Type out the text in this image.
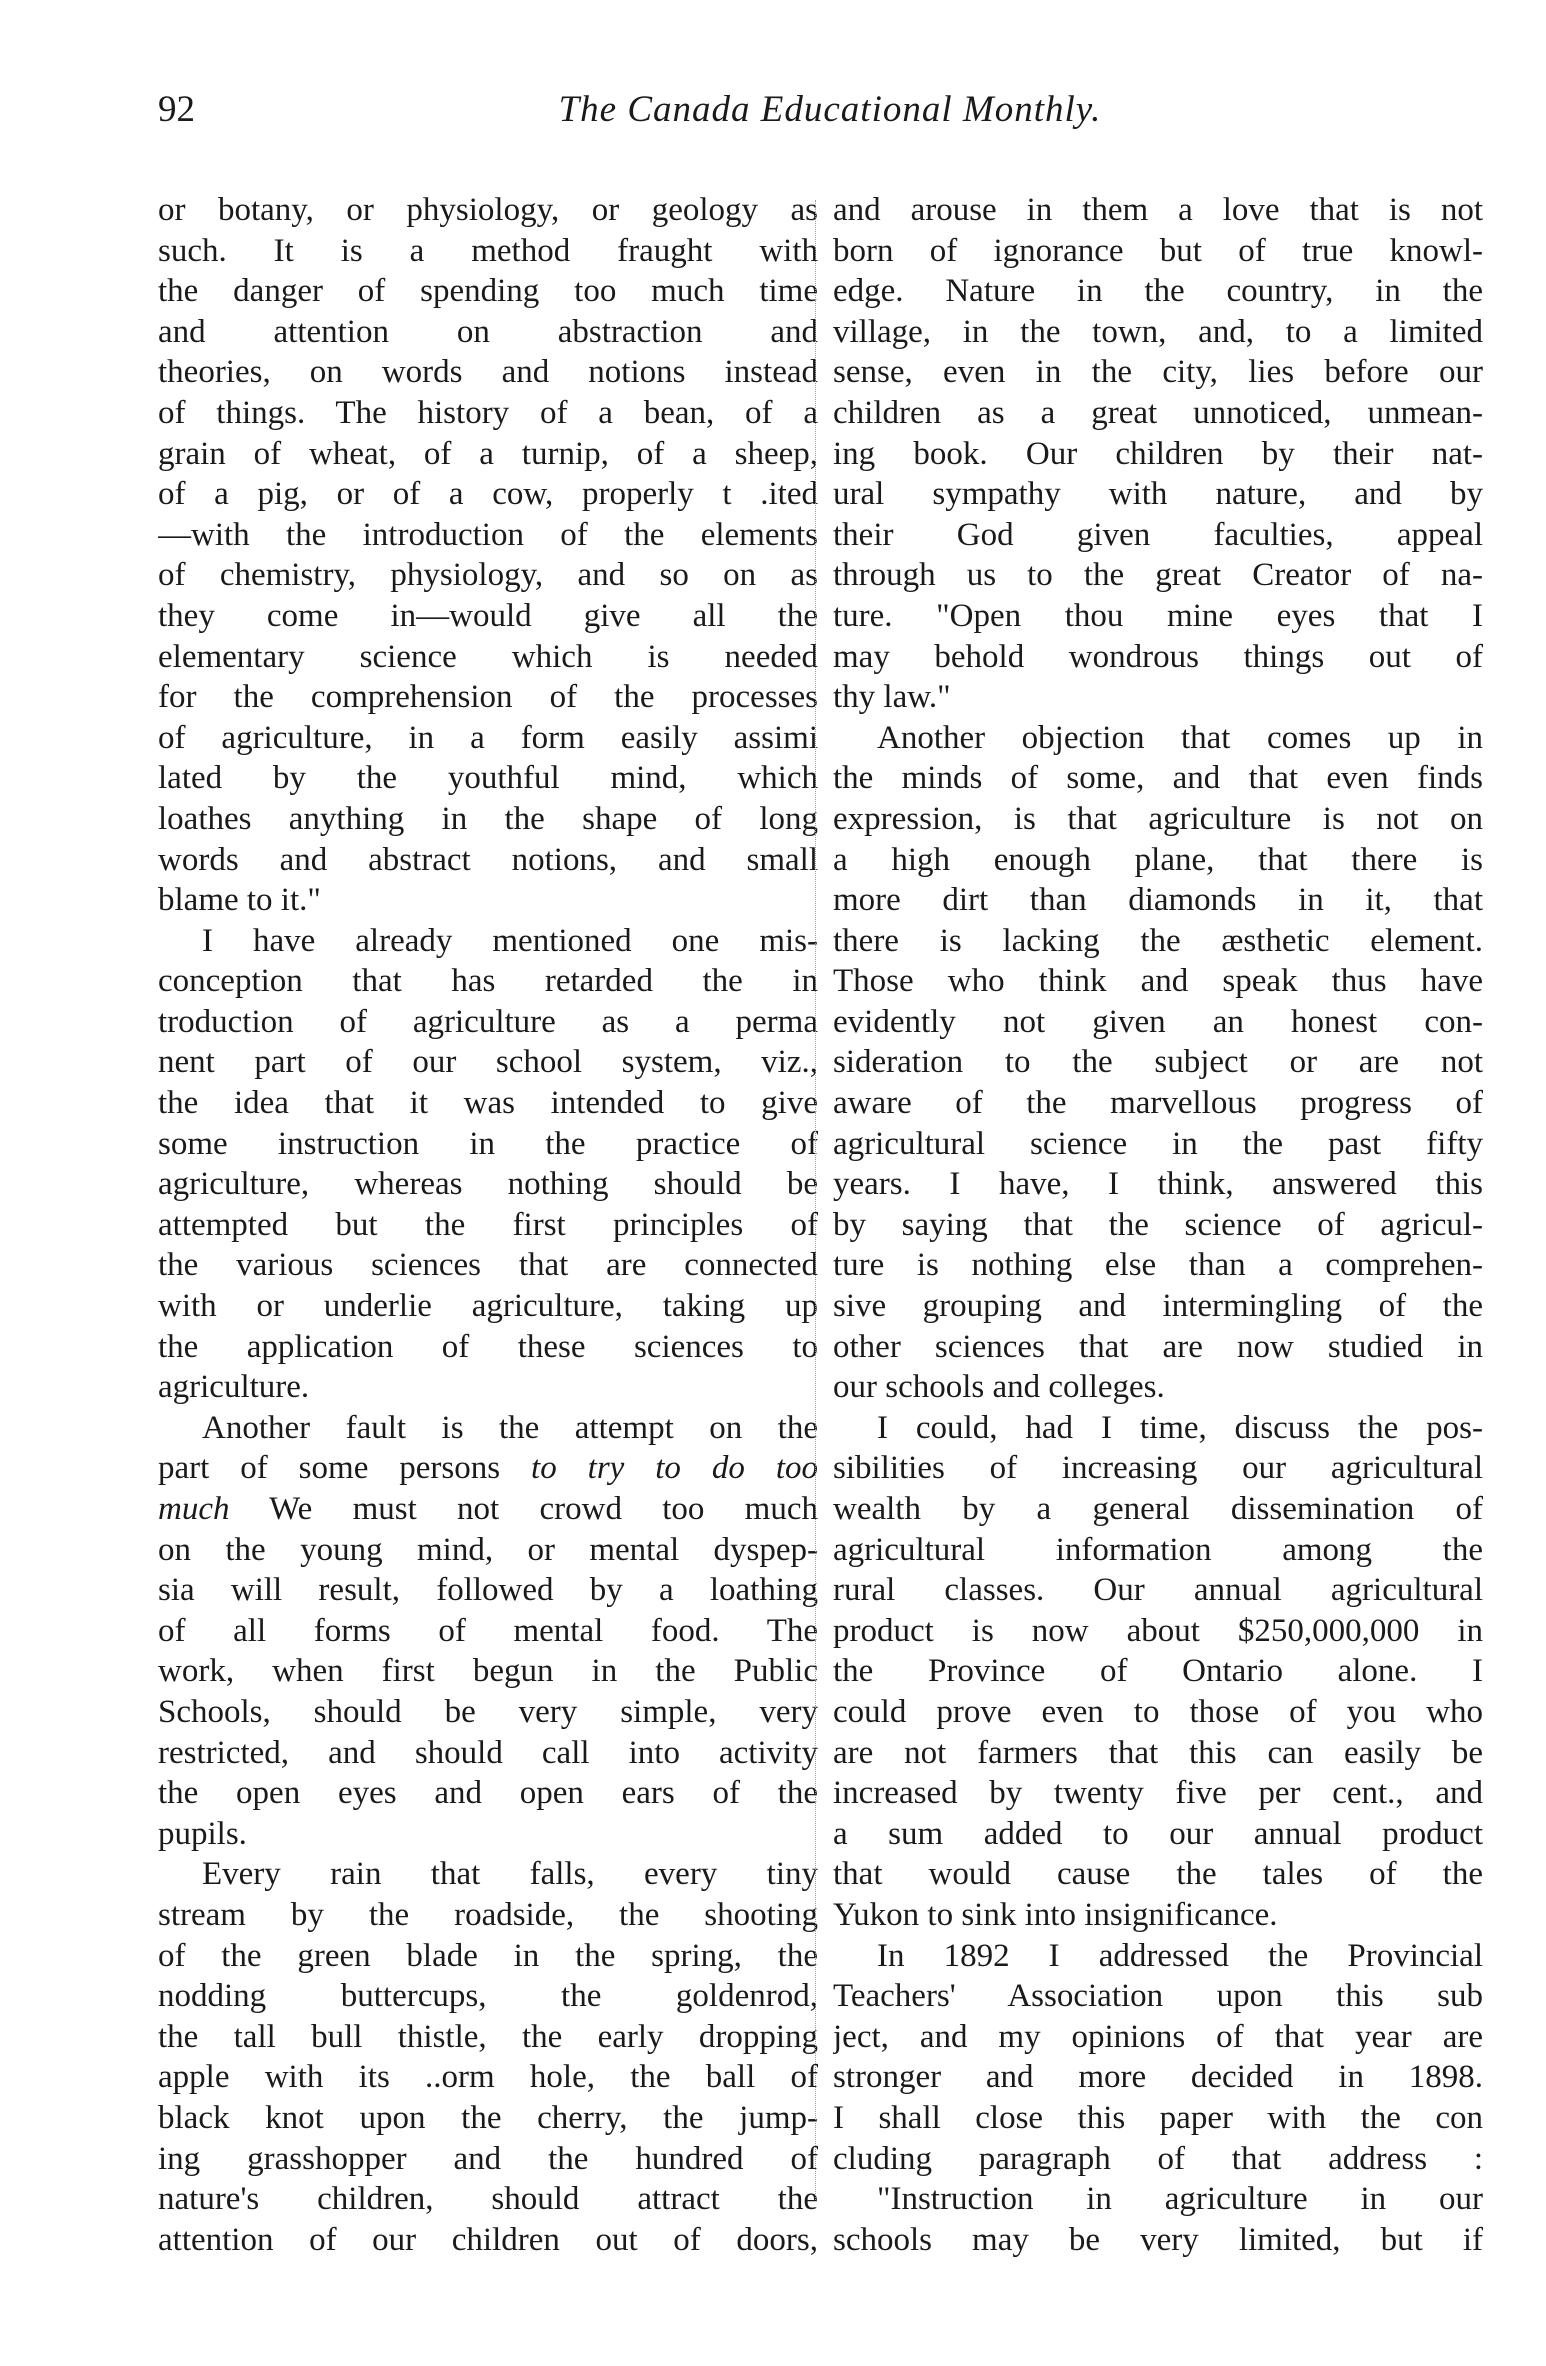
92	The Canada Educational Monthly.
or botany, or physiology, or geology as
such. It is a method fraught with
the danger of spending too much time
and attention on abstraction and
theories, on words and notions instead
of things. The history of a bean, of a
grain of wheat, of a turnip, of a sheep,
of a pig, or of a cow, properly t .ited
—with the introduction of the elements
of chemistry, physiology, and so on as
they come in—would give all the
elementary science which is needed
for the comprehension of the processes
of agriculture, in a form easily assimi
lated by the youthful mind, which
loathes anything in the shape of long
words and abstract notions, and small
blame to it."
I have already mentioned one mis-
conception that has retarded the in
troduction of agriculture as a perma
nent part of our school system, viz.,
the idea that it was intended to give
some instruction in the practice of
agriculture, whereas nothing should be
attempted but the first principles of
the various sciences that are connected
with or underlie agriculture, taking up
the application of these sciences to
agriculture.
Another fault is the attempt on the
part of some persons to try to do too
much We must not crowd too much
on the young mind, or mental dyspep-
sia will result, followed by a loathing
of all forms of mental food. The
work, when first begun in the Public
Schools, should be very simple, very
restricted, and should call into activity
the open eyes and open ears of the
pupils.
Every rain that falls, every tiny
stream by the roadside, the shooting
of the green blade in the spring, the
nodding buttercups, the goldenrod,
the tall bull thistle, the early dropping
apple with its ..orm hole, the ball of
black knot upon the cherry, the jump-
ing grasshopper and the hundred of
nature's children, should attract the
attention of our children out of doors,
and arouse in them a love that is not
born of ignorance but of true knowl-
edge. Nature in the country, in the
village, in the town, and, to a limited
sense, even in the city, lies before our
children as a great unnoticed, unmean-
ing book. Our children by their nat-
ural sympathy with nature, and by
their God given faculties, appeal
through us to the great Creator of na-
ture. "Open thou mine eyes that I
may behold wondrous things out of
thy law."
Another objection that comes up in
the minds of some, and that even finds
expression, is that agriculture is not on
a high enough plane, that there is
more dirt than diamonds in it, that
there is lacking the æsthetic element.
Those who think and speak thus have
evidently not given an honest con-
sideration to the subject or are not
aware of the marvellous progress of
agricultural science in the past fifty
years. I have, I think, answered this
by saying that the science of agricul-
ture is nothing else than a comprehen-
sive grouping and intermingling of the
other sciences that are now studied in
our schools and colleges.
I could, had I time, discuss the pos-
sibilities of increasing our agricultural
wealth by a general dissemination of
agricultural information among the
rural classes. Our annual agricultural
product is now about $250,000,000 in
the Province of Ontario alone. I
could prove even to those of you who
are not farmers that this can easily be
increased by twenty five per cent., and
a sum added to our annual product
that would cause the tales of the
Yukon to sink into insignificance.
In 1892 I addressed the Provincial
Teachers' Association upon this sub
ject, and my opinions of that year are
stronger and more decided in 1898.
I shall close this paper with the con
cluding paragraph of that address :
"Instruction in agriculture in our
schools may be very limited, but if
